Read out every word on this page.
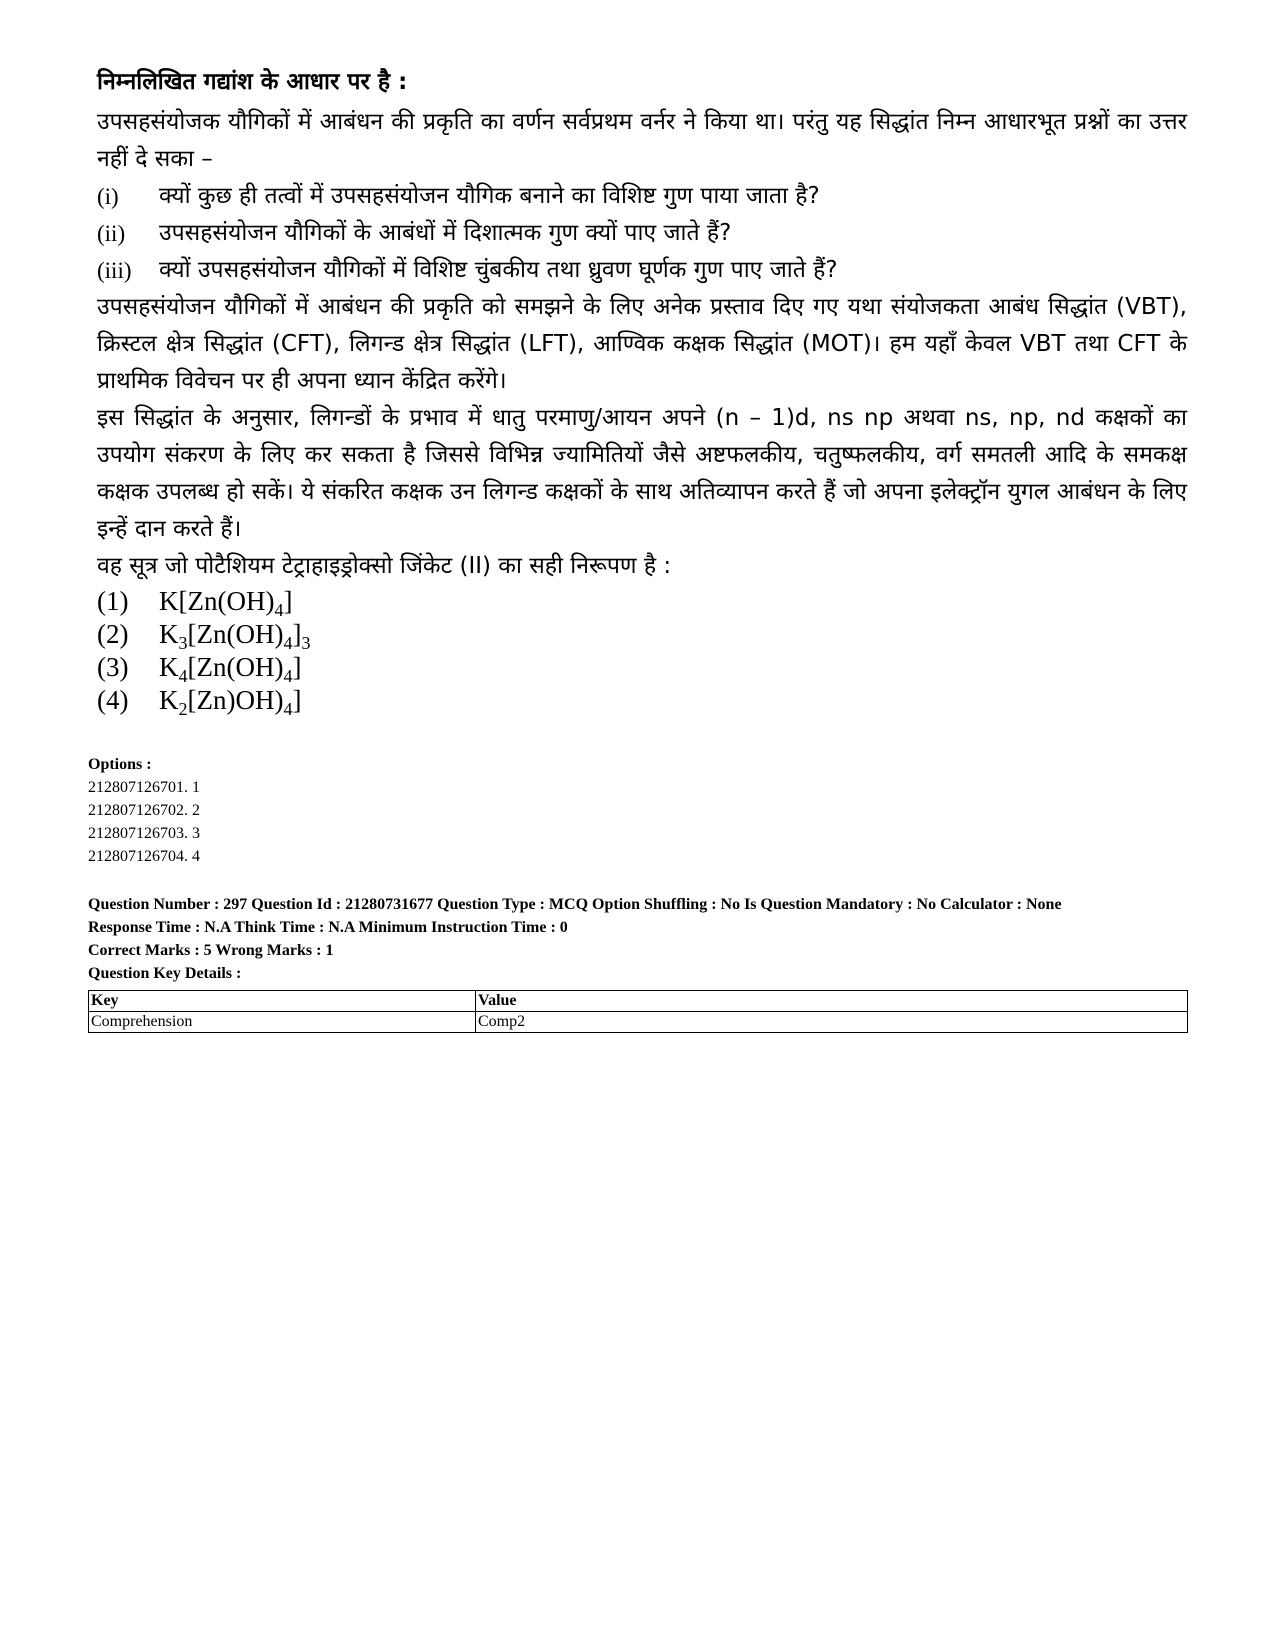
निम्नलिखित गद्यांश के आधार पर है :

उपसहसंयोजक यौगिकों में आबंधन की प्रकृति का वर्णन सर्वप्रथम वर्नर ने किया था। परंतु यह सिद्धांत निम्न आधारभूत प्रश्नों का उत्तर नहीं दे सका –

(i)	क्यों कुछ ही तत्वों में उपसहसंयोजन यौगिक बनाने का विशिष्ट गुण पाया जाता है?
(ii)	उपसहसंयोजन यौगिकों के आबंधों में दिशात्मक गुण क्यों पाए जाते हैं?
(iii)	क्यों उपसहसंयोजन यौगिकों में विशिष्ट चुंबकीय तथा ध्रुवण घूर्णक गुण पाए जाते हैं?

उपसहसंयोजन यौगिकों में आबंधन की प्रकृति को समझने के लिए अनेक प्रस्ताव दिए गए यथा संयोजकता आबंध सिद्धांत (VBT), क्रिस्टल क्षेत्र सिद्धांत (CFT), लिगन्ड क्षेत्र सिद्धांत (LFT), आण्विक कक्षक सिद्धांत (MOT)। हम यहाँ केवल VBT तथा CFT के प्राथमिक विवेचन पर ही अपना ध्यान केंद्रित करेंगे।

इस सिद्धांत के अनुसार, लिगन्डों के प्रभाव में धातु परमाणु/आयन अपने (n – 1)d, ns np अथवा ns, np, nd कक्षकों का उपयोग संकरण के लिए कर सकता है जिससे विभिन्न ज्यामितियों जैसे अष्टफलकीय, चतुष्फलकीय, वर्ग समतली आदि के समकक्ष कक्षक उपलब्ध हो सकें। ये संकरित कक्षक उन लिगन्ड कक्षकों के साथ अतिव्यापन करते हैं जो अपना इलेक्ट्रॉन युगल आबंधन के लिए इन्हें दान करते हैं।

वह सूत्र जो पोटैशियम टेट्राहाइड्रोक्सो जिंकेट (II) का सही निरूपण है :

(1)	$K[Zn(OH)_4]$
(2)	$K_3[Zn(OH)_4]_3$
(3)	$K_4[Zn(OH)_4]$
(4)	$K_2[Zn)OH)_4$]
Options :
212807126701. 1
212807126702. 2
212807126703. 3
212807126704. 4
Question Number : 297 Question Id : 21280731677 Question Type : MCQ Option Shuffling : No Is Question Mandatory : No Calculator : None
Response Time : N.A Think Time : N.A Minimum Instruction Time : 0
Correct Marks : 5 Wrong Marks : 1
Question Key Details :
Key	Value
Comprehension	Comp2
